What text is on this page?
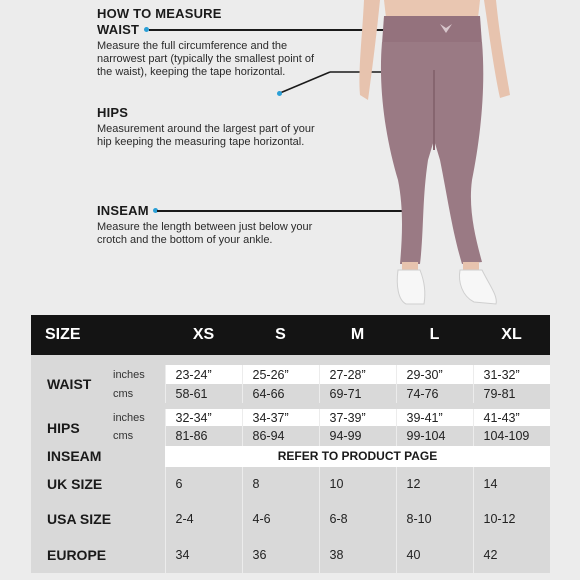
HOW TO MEASURE

WAIST

Measure the full circumference and the narrowest part (typically the smallest point of the waist), keeping the tape horizontal.

HIPS

Measurement around the largest part of your hip keeping the measuring tape horizontal.

INSEAM

Measure the length between just below your crotch and the bottom of your ankle.

SIZE		XS	S	M	L	XL

WAIST	inches	23-24”	25-26”	27-28”	29-30”	31-32”
	cms	58-61	64-66	69-71	74-76	79-81

HIPS	inches	32-34”	34-37”	37-39”	39-41”	41-43”
	cms	81-86	86-94	94-99	99-104	104-109
INSEAM		REFER TO PRODUCT PAGE				
UK SIZE		6	8	10	12	14
USA SIZE		2-4	4-6	6-8	8-10	10-12
EUROPE		34	36	38	40	42
